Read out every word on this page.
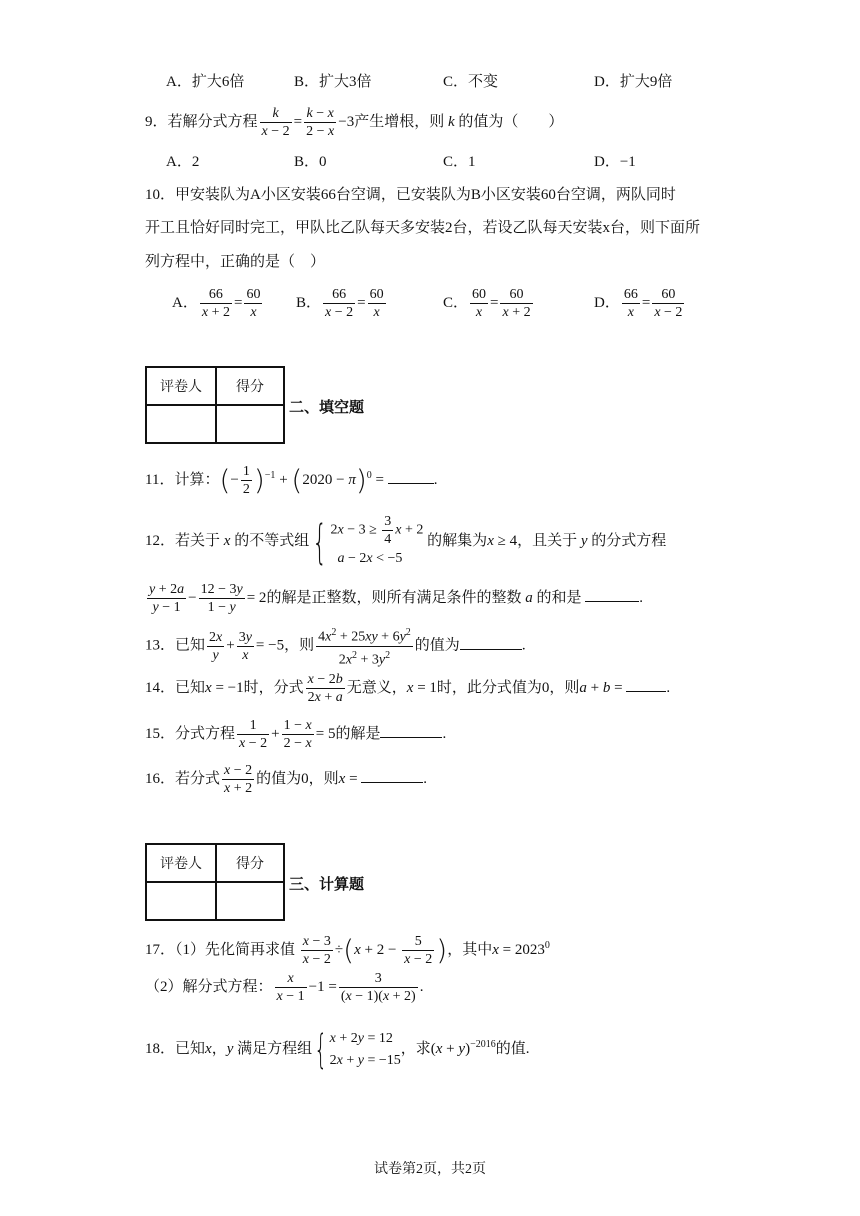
A．扩大6倍	B．扩大3倍	C．不变	D．扩大9倍
9．若解分式方程 $\frac{k}{x - 2} = \frac{k - x}{2 - x} -3$产生增根，则 k 的值为（　　）
A．2	B．0	C．1	D．−1
10．甲安装队为A小区安装66台空调，已安装队为B小区安装60台空调，两队同时
开工且恰好同时完工，甲队比乙队每天多安装2台，若设乙队每天安装x台，则下面所
列方程中，正确的是（　）
A． $\frac{66}{x + 2} = \frac{60}{x}$ B． $\frac{66}{x - 2} = \frac{60}{x}$	C． $\frac{60}{x} = \frac{60}{x + 2}$	D． $\frac{66}{x} = \frac{60}{x - 2}$
评卷人	得分

二、填空题
11．计算：(− $\frac{1}{2} )^{-1} + (2020 - \pi)^0$ =	.
12．若关于 x 的不等式组{ $2x - 3 \ge \frac{3}{4}$ x + 2
a − 2x < −5 的解集为x ≥ 4，且关于 y 的分式方程
$\frac{y + 2a}{y - 1} - \frac{12 - 3y}{1 - y} = 2$的解是正整数，则所有满足条件的整数 a 的和是	.
13．已知 $\frac{2x}{y} + \frac{3y}{x} = -5$，则 $\frac{4x^2 + 25xy + 6y^2}{2x^2 + 3y^2}$ 的值为	.
14．已知x = −1时，分式 $\frac{x - 2b}{2x + a}$ 无意义，x = 1时，此分式值为0，则a + b =	.
15．分式方程 $\frac{1}{x - 2} + \frac{1 - x}{2 - x} = 5$的解是	.
16．若分式 $\frac{x - 2}{x + 2}$ 的值为0，则x =	.
评卷人	得分

三、计算题
17．（1）先化简再求值 $\frac{x - 3}{x - 2} \div(x + 2 - \frac{5}{x - 2}$ )，其中$x = 2023^0$
（2）解分式方程： $\frac{x}{x - 1} -1 = \frac{3}{(x - 1)(x + 2)}$ .
18．已知x，y 满足方程组{ x + 2y = 12
2x + y = −15，求$(x + y)^{-2016}$的值.
试卷第2页，共2页
